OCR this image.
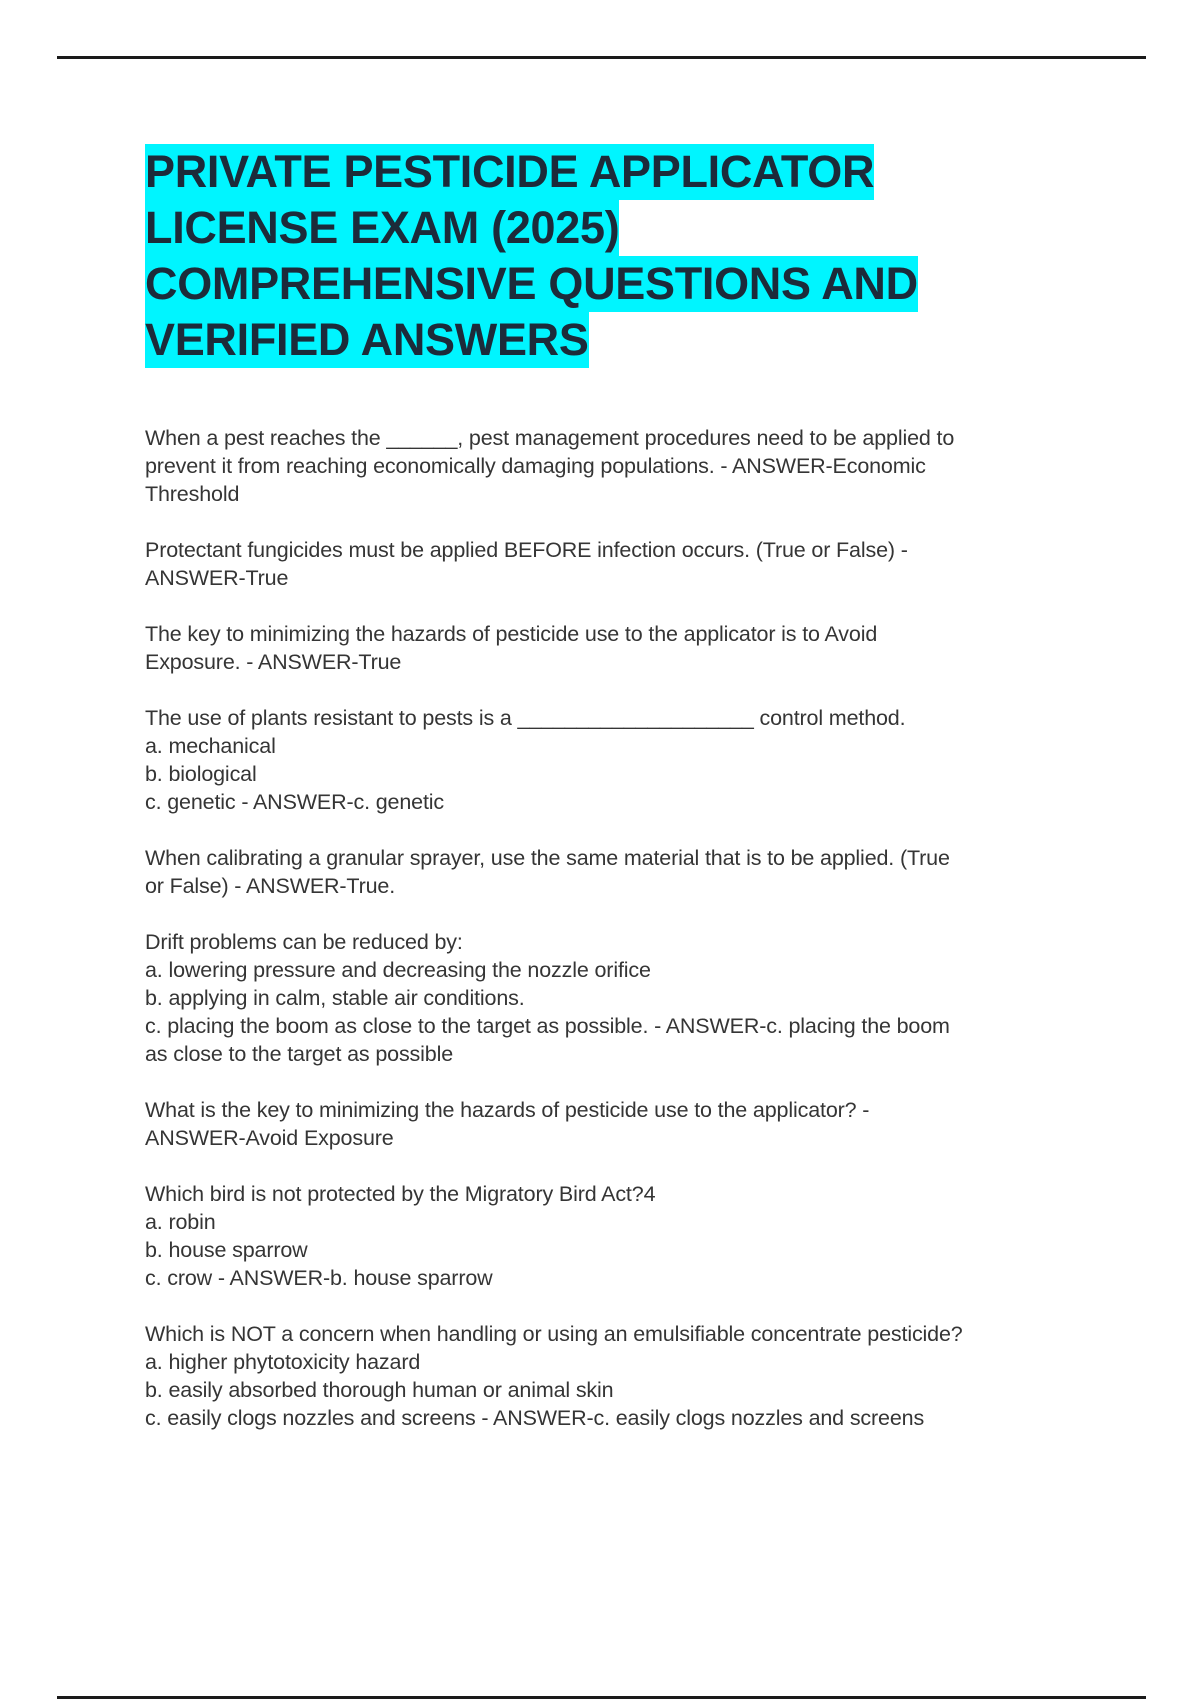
PRIVATE PESTICIDE APPLICATOR
LICENSE EXAM (2025)
COMPREHENSIVE QUESTIONS AND
VERIFIED ANSWERS

When a pest reaches the ______, pest management procedures need to be applied to

prevent it from reaching economically damaging populations. - ANSWER-Economic

Threshold

Protectant fungicides must be applied BEFORE infection occurs. (True or False) -

ANSWER-True

The key to minimizing the hazards of pesticide use to the applicator is to Avoid

Exposure. - ANSWER-True

The use of plants resistant to pests is a ____________________ control method.

a. mechanical

b. biological

c. genetic - ANSWER-c. genetic

When calibrating a granular sprayer, use the same material that is to be applied. (True

or False) - ANSWER-True.

Drift problems can be reduced by:

a. lowering pressure and decreasing the nozzle orifice

b. applying in calm, stable air conditions.

c. placing the boom as close to the target as possible. - ANSWER-c. placing the boom

as close to the target as possible

What is the key to minimizing the hazards of pesticide use to the applicator? -

ANSWER-Avoid Exposure

Which bird is not protected by the Migratory Bird Act?4

a. robin

b. house sparrow

c. crow - ANSWER-b. house sparrow

Which is NOT a concern when handling or using an emulsifiable concentrate pesticide?

a. higher phytotoxicity hazard

b. easily absorbed thorough human or animal skin

c. easily clogs nozzles and screens - ANSWER-c. easily clogs nozzles and screens
